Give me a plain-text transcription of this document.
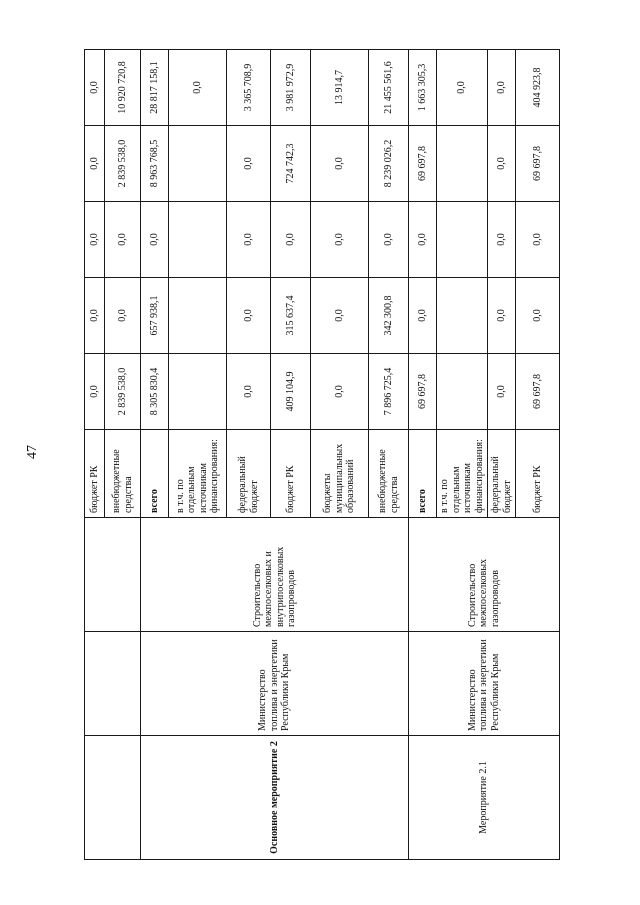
47
			бюджет РК	0,0	0,0	0,0	0,0	0,0
			внебюджетные средства	2 839 538,0	0,0	0,0	2 839 538,0	10 920 720,8
Основное мероприятие 2	Министерство топлива и энергетики Республики Крым	Строительство межпоселковых и внутрипоселковых газопроводов	всего	8 305 830,4	657 938,1	0,0	8 963 768,5	28 817 158,1
			в т.ч. по отдельным источникам финансирования:					0,0
			федеральный бюджет	0,0	0,0	0,0	0,0	3 365 708,9
			бюджет РК	409 104,9	315 637,4	0,0	724 742,3	3 981 972,9
			бюджеты муниципальных образований	0,0	0,0	0,0	0,0	13 914,7
			внебюджетные средства	7 896 725,4	342 300,8	0,0	8 239 026,2	21 455 561,6
Мероприятие 2.1	Министерство топлива и энергетики Республики Крым	Строительство межпоселковых газопроводов	всего	69 697,8	0,0	0,0	69 697,8	1 663 305,3
			в т.ч. по отдельным источникам финансирования:					0,0
			федеральный бюджет	0,0	0,0	0,0	0,0	0,0
			бюджет РК	69 697,8	0,0	0,0	69 697,8	404 923,8
